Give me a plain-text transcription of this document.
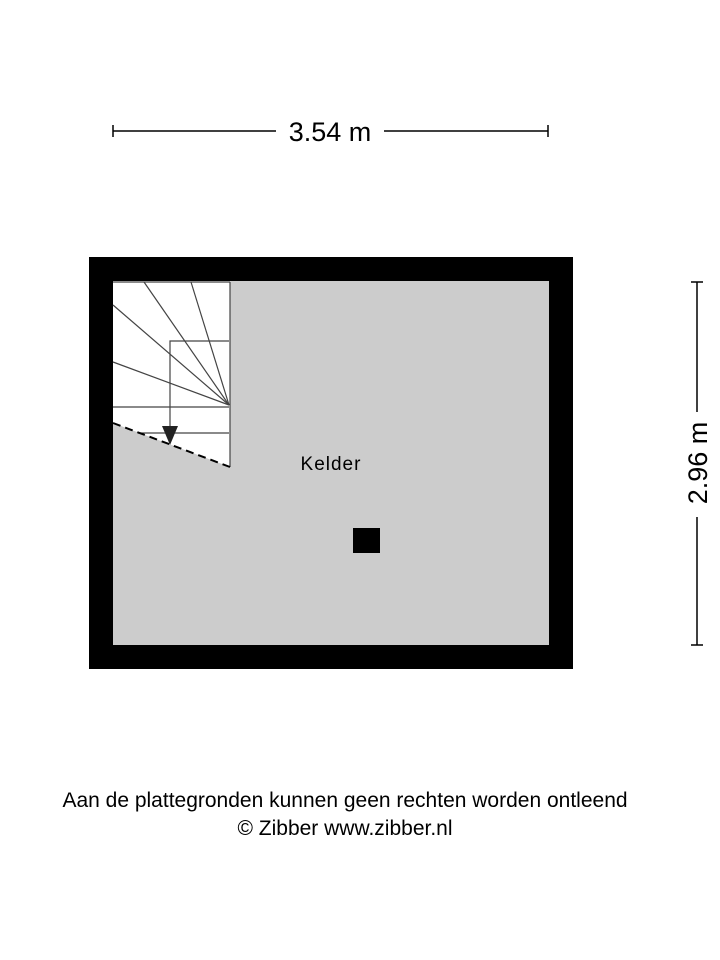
3.54 m
2.96 m
Kelder
Aan de plattegronden kunnen geen rechten worden ontleend
© Zibber www.zibber.nl
